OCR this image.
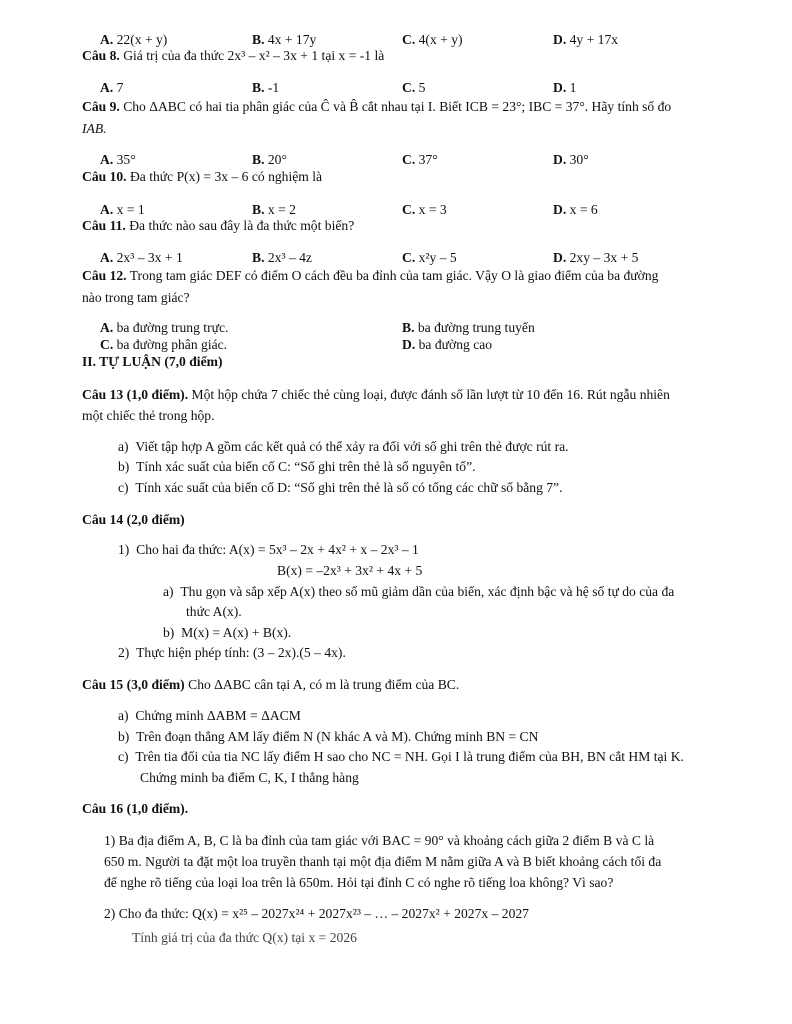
A. 22(x + y)	B. 4x + 17y	C. 4(x + y)	D. 4y + 17x
Câu 8. Giá trị của đa thức 2x³ – x² – 3x + 1 tại x = -1 là
A. 7	B. -1	C. 5	D. 1
Câu 9. Cho ΔABC có hai tia phân giác của Ĉ và B̂ cắt nhau tại I. Biết ICB = 23°; IBC = 37°. Hãy tính số đo
IAB.
A. 35°	B. 20°	C. 37°	D. 30°
Câu 10. Đa thức P(x) = 3x – 6 có nghiệm là
A. x = 1	B. x = 2	C. x = 3	D. x = 6
Câu 11. Đa thức nào sau đây là đa thức một biến?
A. 2x³ – 3x + 1	B. 2x³ – 4z	C. x²y – 5	D. 2xy – 3x + 5
Câu 12. Trong tam giác DEF có điểm O cách đều ba đỉnh của tam giác. Vậy O là giao điểm của ba đường
nào trong tam giác?
A. ba đường trung trực.	B. ba đường trung tuyến
C. ba đường phân giác.	D. ba đường cao
II. TỰ LUẬN (7,0 điểm)
Câu 13 (1,0 điểm). Một hộp chứa 7 chiếc thẻ cùng loại, được đánh số lần lượt từ 10 đến 16. Rút ngẫu nhiên
một chiếc thẻ trong hộp.
a)  Viết tập hợp A gồm các kết quả có thể xảy ra đối với số ghi trên thẻ được rút ra.
b)  Tính xác suất của biến cố C: “Số ghi trên thẻ là số nguyên tố”.
c)  Tính xác suất của biến cố D: “Số ghi trên thẻ là số có tổng các chữ số bằng 7”.
Câu 14 (2,0 điểm)
1)  Cho hai đa thức: A(x) = 5x³ – 2x + 4x² + x – 2x³ – 1
B(x) = –2x³ + 3x² + 4x + 5
a)  Thu gọn và sắp xếp A(x) theo số mũ giảm dần của biến, xác định bậc và hệ số tự do của đa
thức A(x).
b)  M(x) = A(x) + B(x).
2)  Thực hiện phép tính: (3 – 2x).(5 – 4x).
Câu 15 (3,0 điểm) Cho ΔABC cân tại A, có m là trung điểm của BC.
a)  Chứng minh ΔABM = ΔACM
b)  Trên đoạn thẳng AM lấy điểm N (N khác A và M). Chứng minh BN = CN
c)  Trên tia đối của tia NC lấy điểm H sao cho NC = NH. Gọi I là trung điểm của BH, BN cắt HM tại K.
Chứng minh ba điểm C, K, I thẳng hàng
Câu 16 (1,0 điểm).
1) Ba địa điểm A, B, C là ba đỉnh của tam giác với BAC = 90° và khoảng cách giữa 2 điểm B và C là
650 m. Người ta đặt một loa truyền thanh tại một địa điểm M nằm giữa A và B biết khoảng cách tối đa
để nghe rõ tiếng của loại loa trên là 650m. Hỏi tại đỉnh C có nghe rõ tiếng loa không? Vì sao?
2) Cho đa thức: Q(x) = x²⁵ – 2027x²⁴ + 2027x²³ – … – 2027x² + 2027x – 2027
Tính giá trị của đa thức Q(x) tại x = 2026
